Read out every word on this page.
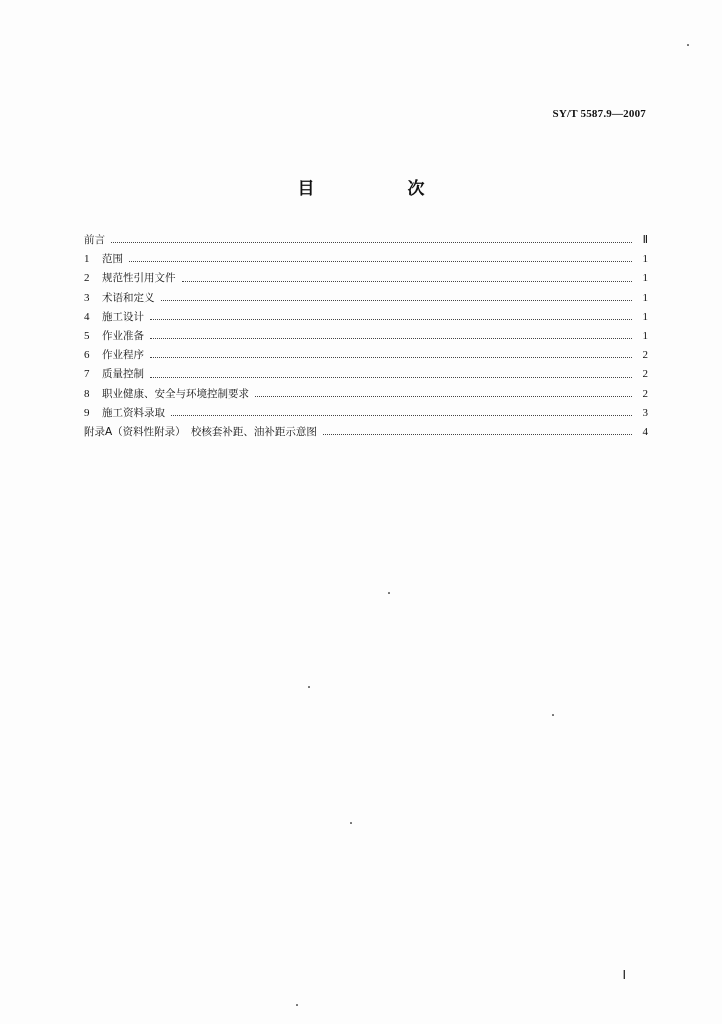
SY/T 5587.9—2007
目　次
前言	Ⅱ
1	范围	1
2	规范性引用文件	1
3	术语和定义	1
4	施工设计	1
5	作业准备	1
6	作业程序	2
7	质量控制	2
8	职业健康、安全与环境控制要求	2
9	施工资料录取	3
附录A（资料性附录）　校核套补距、油补距示意图	4
Ⅰ
